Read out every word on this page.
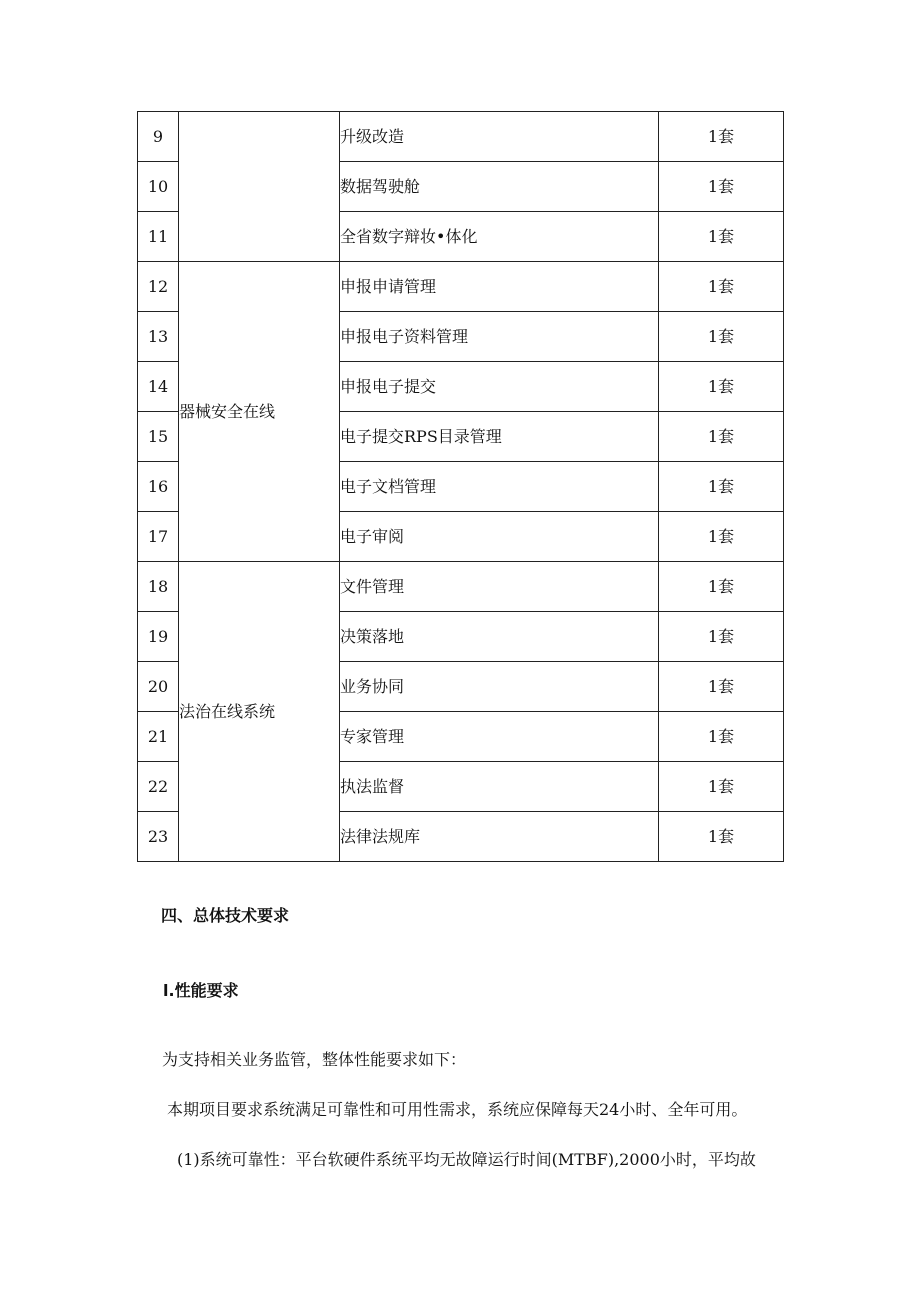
9		升级改造	1套
10		数据驾驶舱	1套
11		全省数字辩妆•体化	1套
12	器械安全在线	申报申请管理	1套
13		申报电子资料管理	1套
14		申报电子提交	1套
15		电子提交RPS目录管理	1套
16		电子文档管理	1套
17		电子审阅	1套
18	法治在线系统	文件管理	1套
19		决策落地	1套
20		业务协同	1套
21		专家管理	1套
22		执法监督	1套
23		法律法规库	1套

四、总体技术要求

l.性能要求

为支持相关业务监管，整体性能要求如下：

本期项目要求系统满足可靠性和可用性需求，系统应保障每天24小时、全年可用。

(1)系统可靠性：平台软硬件系统平均无故障运行时间(MTBF),2000小时，平均故
